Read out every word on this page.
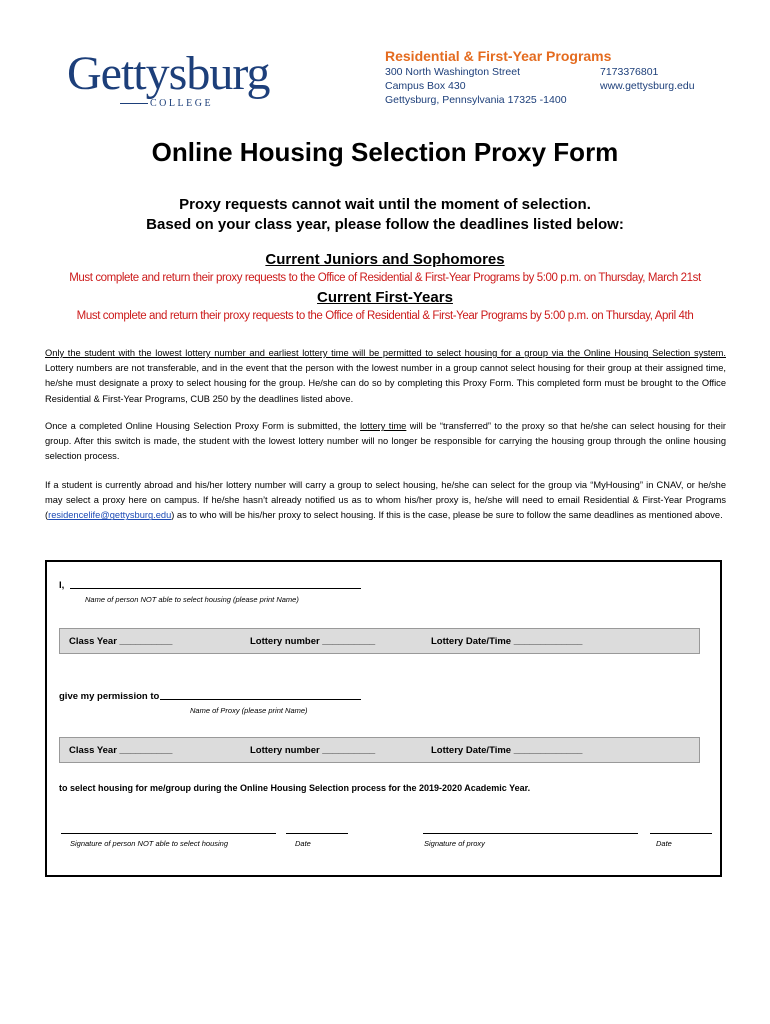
Gettysburg
COLLEGE
Residential & First-Year Programs
300 North Washington Street
Campus Box 430
Gettysburg, Pennsylvania 17325 -1400
7173376801
www.gettysburg.edu
Online Housing Selection Proxy Form
Proxy requests cannot wait until the moment of selection.
Based on your class year, please follow the deadlines listed below:
Current Juniors and Sophomores
Must complete and return their proxy requests to the Office of Residential & First-Year Programs by 5:00 p.m. on Thursday, March 21st
Current First-Years
Must complete and return their proxy requests to the Office of Residential & First-Year Programs by 5:00 p.m. on Thursday, April 4th
Only the student with the lowest lottery number and earliest lottery time will be permitted to select housing for a group via the Online Housing Selection system. Lottery numbers are not transferable, and in the event that the person with the lowest number in a group cannot select housing for their group at their assigned time, he/she must designate a proxy to select housing for the group. He/she can do so by completing this Proxy Form. This completed form must be brought to the Office Residential & First-Year Programs, CUB 250 by the deadlines listed above.
Once a completed Online Housing Selection Proxy Form is submitted, the lottery time will be “transferred” to the proxy so that he/she can select housing for their group. After this switch is made, the student with the lowest lottery number will no longer be responsible for carrying the housing group through the online housing selection process.
If a student is currently abroad and his/her lottery number will carry a group to select housing, he/she can select for the group via “MyHousing” in CNAV, or he/she may select a proxy here on campus. If he/she hasn’t already notified us as to whom his/her proxy is, he/she will need to email Residential & First-Year Programs (residencelife@gettysburg.edu) as to who will be his/her proxy to select housing. If this is the case, please be sure to follow the same deadlines as mentioned above.
I,
Name of person NOT able to select housing (please print Name)
Class Year __________	Lottery number __________	Lottery Date/Time _____________
give my permission to
Name of Proxy (please print Name)
Class Year __________	Lottery number __________	Lottery Date/Time _____________
to select housing for me/group during the Online Housing Selection process for the 2019-2020 Academic Year.
Signature of person NOT able to select housing	Date	Signature of proxy	Date
